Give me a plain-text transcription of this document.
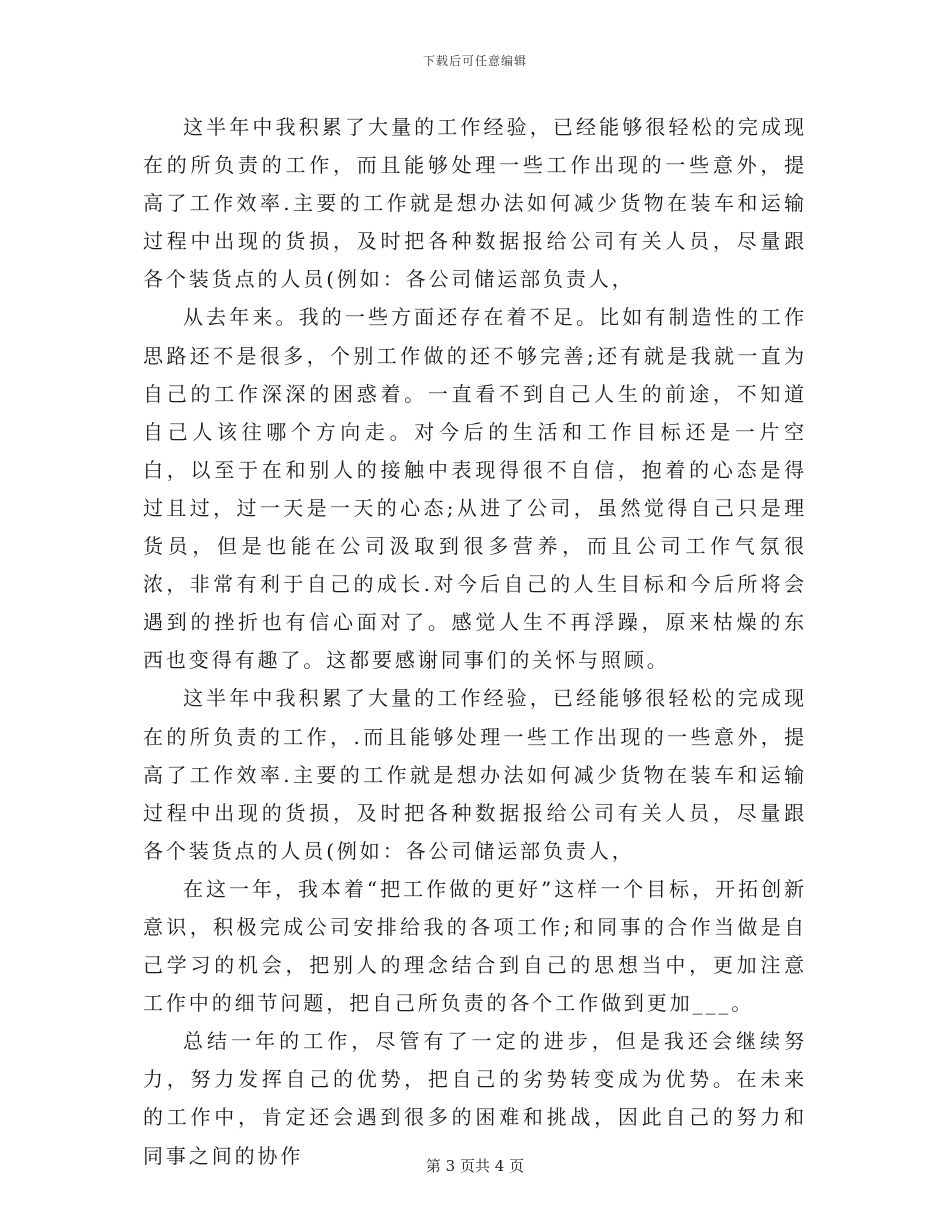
下载后可任意编辑

这半年中我积累了大量的工作经验，已经能够很轻松的完成现在的所负责的工作，而且能够处理一些工作出现的一些意外，提高了工作效率.主要的工作就是想办法如何减少货物在装车和运输过程中出现的货损，及时把各种数据报给公司有关人员，尽量跟各个装货点的人员(例如：各公司储运部负责人，

从去年来。我的一些方面还存在着不足。比如有制造性的工作思路还不是很多，个别工作做的还不够完善;还有就是我就一直为自己的工作深深的困惑着。一直看不到自己人生的前途，不知道自己人该往哪个方向走。对今后的生活和工作目标还是一片空白，以至于在和别人的接触中表现得很不自信，抱着的心态是得过且过，过一天是一天的心态;从进了公司，虽然觉得自己只是理货员，但是也能在公司汲取到很多营养，而且公司工作气氛很浓，非常有利于自己的成长.对今后自己的人生目标和今后所将会遇到的挫折也有信心面对了。感觉人生不再浮躁，原来枯燥的东西也变得有趣了。这都要感谢同事们的关怀与照顾。

这半年中我积累了大量的工作经验，已经能够很轻松的完成现在的所负责的工作，.而且能够处理一些工作出现的一些意外，提高了工作效率.主要的工作就是想办法如何减少货物在装车和运输过程中出现的货损，及时把各种数据报给公司有关人员，尽量跟各个装货点的人员(例如：各公司储运部负责人，

在这一年，我本着“把工作做的更好”这样一个目标，开拓创新意识，积极完成公司安排给我的各项工作;和同事的合作当做是自己学习的机会，把别人的理念结合到自己的思想当中，更加注意工作中的细节问题，把自己所负责的各个工作做到更加___。

总结一年的工作，尽管有了一定的进步，但是我还会继续努力，努力发挥自己的优势，把自己的劣势转变成为优势。在未来的工作中，肯定还会遇到很多的困难和挑战，因此自己的努力和同事之间的协作	第 3 页共 4 页
